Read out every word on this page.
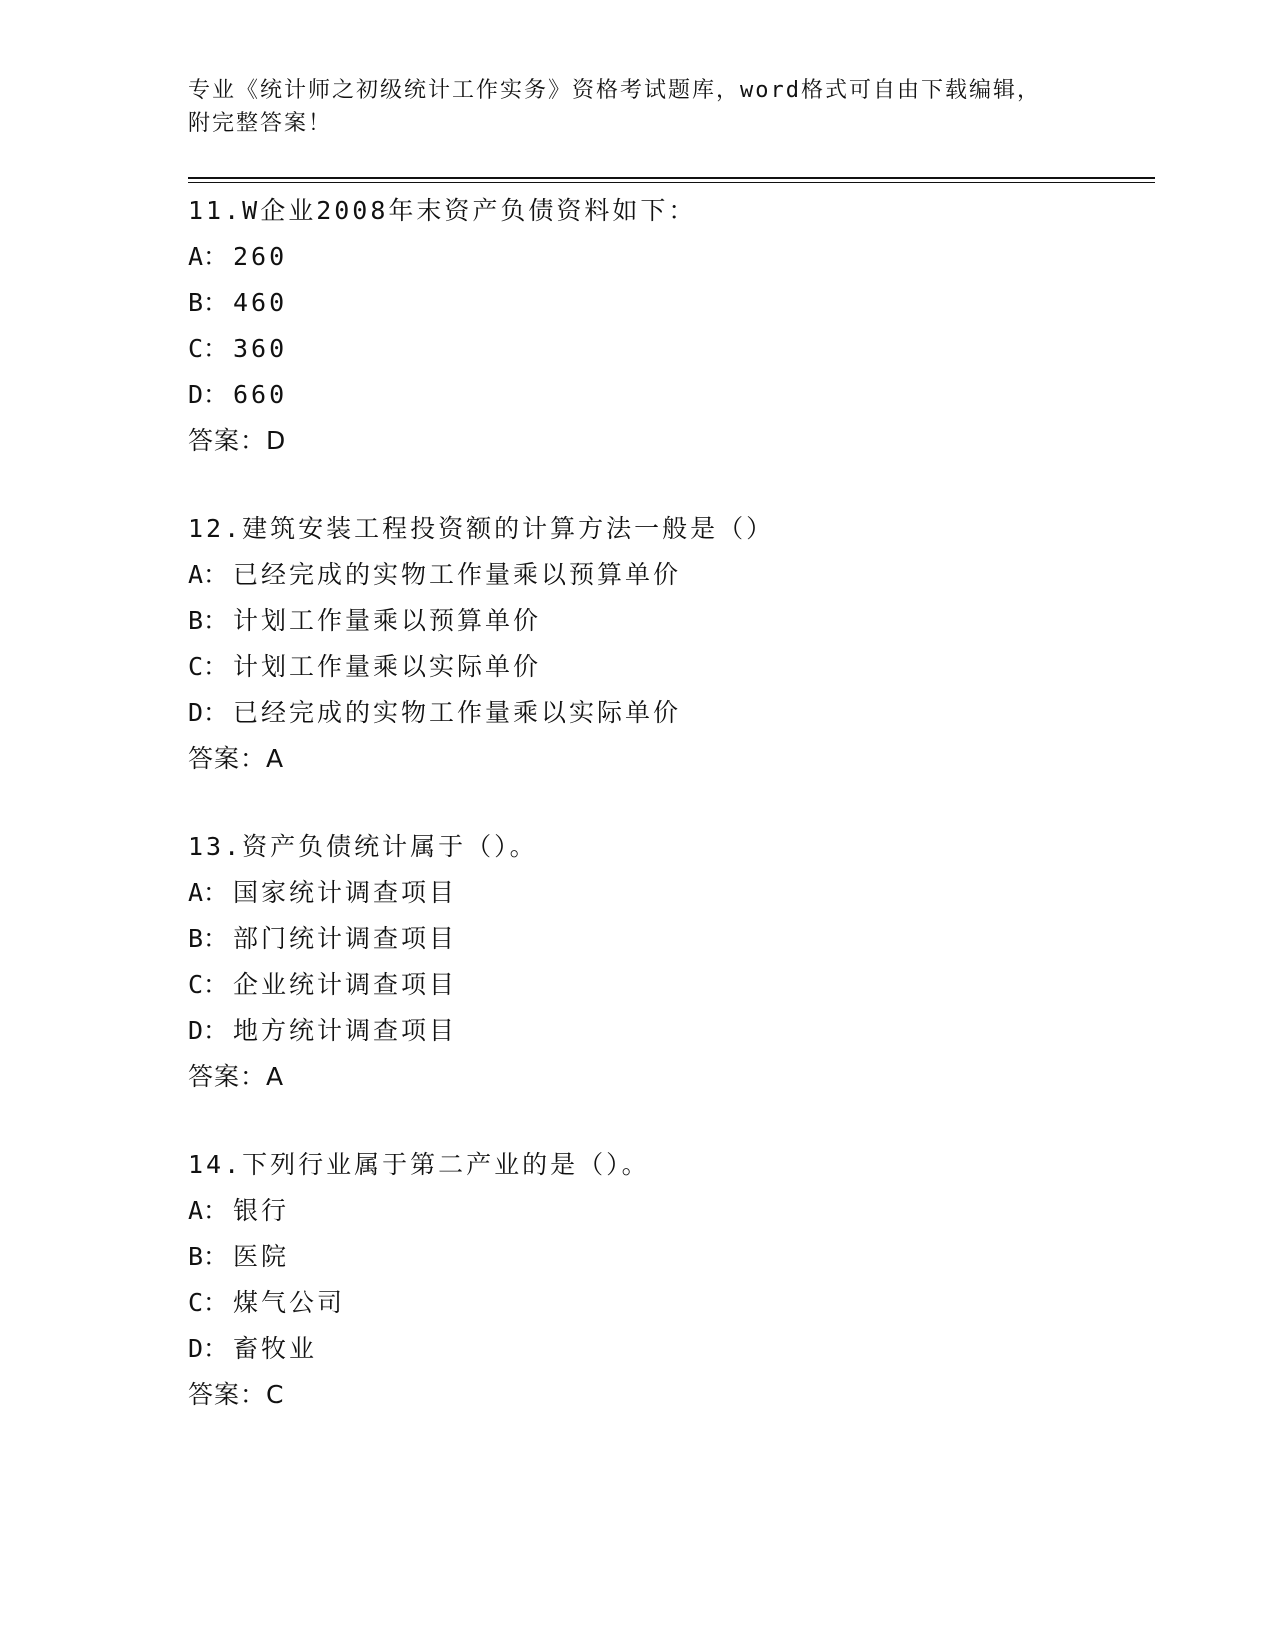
专业《统计师之初级统计工作实务》资格考试题库，word格式可自由下载编辑，
附完整答案！
11.W企业2008年末资产负债资料如下：
A： 260
B： 460
C： 360
D： 660
答案：D
12.建筑安装工程投资额的计算方法一般是（）
A： 已经完成的实物工作量乘以预算单价
B： 计划工作量乘以预算单价
C： 计划工作量乘以实际单价
D： 已经完成的实物工作量乘以实际单价
答案：A
13.资产负债统计属于（）。
A： 国家统计调查项目
B： 部门统计调查项目
C： 企业统计调查项目
D： 地方统计调查项目
答案：A
14.下列行业属于第二产业的是（）。
A： 银行
B： 医院
C： 煤气公司
D： 畜牧业
答案：C
